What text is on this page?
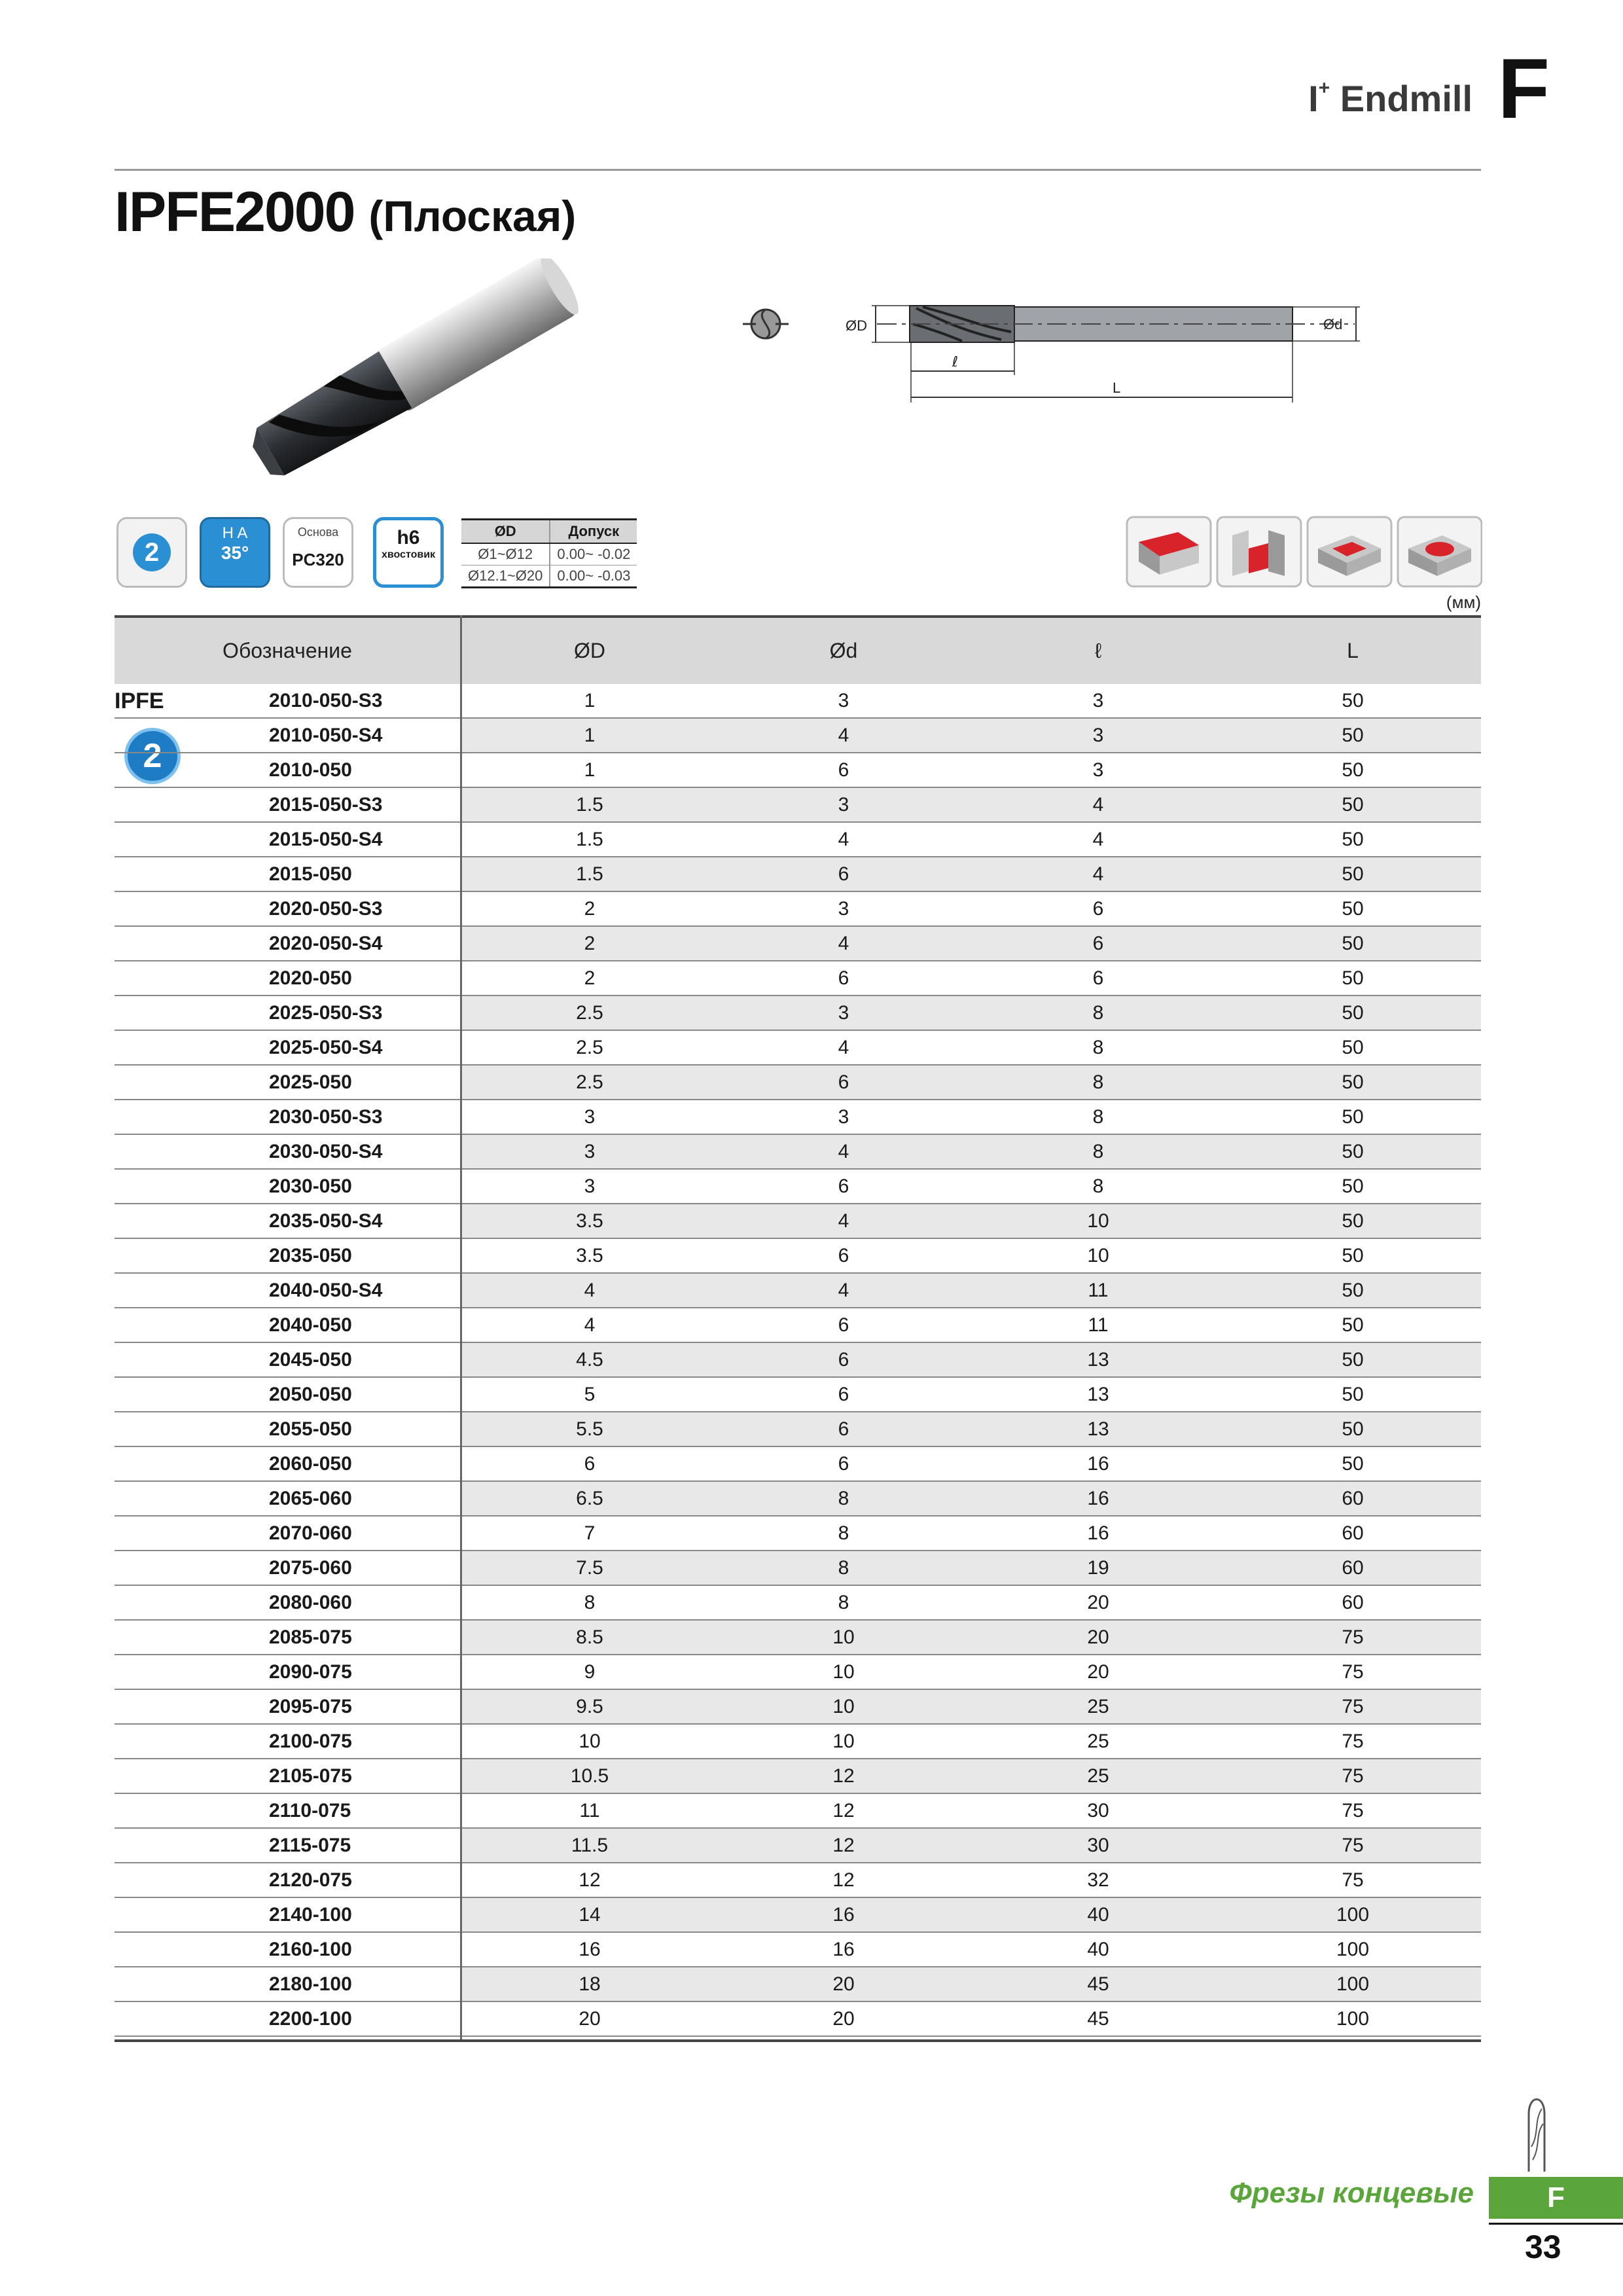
I+ Endmill F
IPFE2000 (Плоская)
ØD	Ød
ℓ
L
2
H A
35°
Основа
PC320
h6
хвостовик
ØD	Допуск
Ø1~Ø12	0.00~ -0.02
Ø12.1~Ø20	0.00~ -0.03
(мм)
Обозначение	ØD	Ød	ℓ	L
IPFE
2
2010-050-S3	1	3	3	50
2010-050-S4	1	4	3	50
2010-050	1	6	3	50
2015-050-S3	1.5	3	4	50
2015-050-S4	1.5	4	4	50
2015-050	1.5	6	4	50
2020-050-S3	2	3	6	50
2020-050-S4	2	4	6	50
2020-050	2	6	6	50
2025-050-S3	2.5	3	8	50
2025-050-S4	2.5	4	8	50
2025-050	2.5	6	8	50
2030-050-S3	3	3	8	50
2030-050-S4	3	4	8	50
2030-050	3	6	8	50
2035-050-S4	3.5	4	10	50
2035-050	3.5	6	10	50
2040-050-S4	4	4	11	50
2040-050	4	6	11	50
2045-050	4.5	6	13	50
2050-050	5	6	13	50
2055-050	5.5	6	13	50
2060-050	6	6	16	50
2065-060	6.5	8	16	60
2070-060	7	8	16	60
2075-060	7.5	8	19	60
2080-060	8	8	20	60
2085-075	8.5	10	20	75
2090-075	9	10	20	75
2095-075	9.5	10	25	75
2100-075	10	10	25	75
2105-075	10.5	12	25	75
2110-075	11	12	30	75
2115-075	11.5	12	30	75
2120-075	12	12	32	75
2140-100	14	16	40	100
2160-100	16	16	40	100
2180-100	18	20	45	100
2200-100	20	20	45	100
Фрезы концевые	F
33
